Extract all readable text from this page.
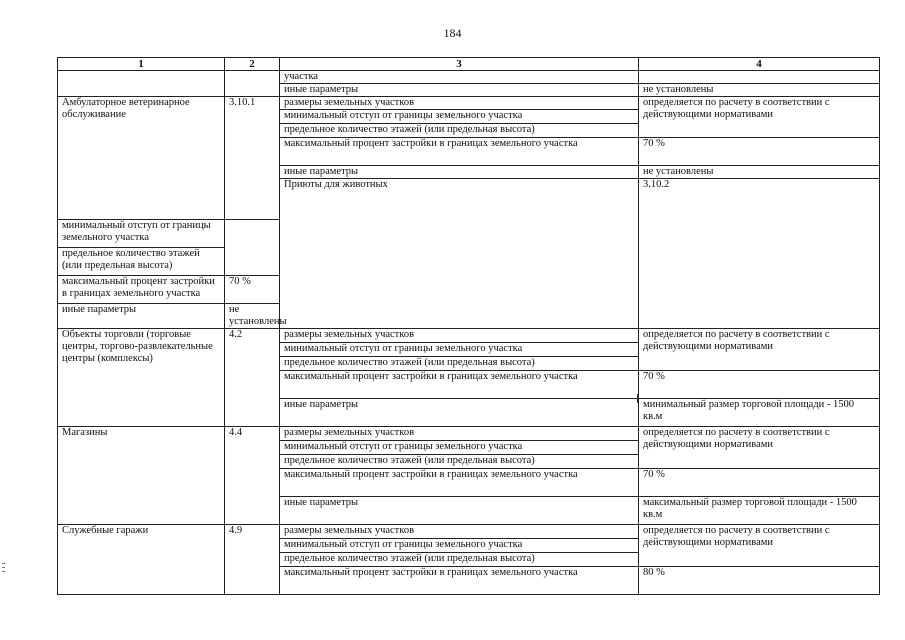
184
1	2	3	4	
		участка		
		иные параметры	не установлены	
Амбулаторное ветеринарное обслуживание	3.10.1	размеры земельных участков	определяется по расчету в соответствии с действующими нормативами	
		минимальный отступ от границы земельного участка		
		предельное количество этажей (или предельная высота)		
		максимальный процент застройки в границах земельного участка	70 %	
		иные параметры	не установлены	
		Приюты для животных	3.10.2		
минимальный отступ от границы земельного участка				
предельное количество этажей (или предельная высота)				
максимальный процент застройки в границах земельного участка	70 %			
иные параметры	не установлены			
Объекты торговли (торговые центры, торгово-развлекательные центры (комплексы)	4.2	размеры земельных участков	определяется по расчету в соответствии с действующими нормативами	
		минимальный отступ от границы земельного участка		
		предельное количество этажей (или предельная высота)		
		максимальный процент застройки в границах земельного участка	70 %	
		иные параметры	минимальный размер торговой площади - 1500 кв.м	
Магазины	4.4	размеры земельных участков	определяется по расчету в соответствии с действующими нормативами	
		минимальный отступ от границы земельного участка		
		предельное количество этажей (или предельная высота)		
		максимальный процент застройки в границах земельного участка	70 %	
		иные параметры	максимальный размер торговой площади - 1500 кв.м	
Служебные гаражи	4.9	размеры земельных участков	определяется по расчету в соответствии с действующими нормативами	
		минимальный отступ от границы земельного участка		
		предельное количество этажей (или предельная высота)		
		максимальный процент застройки в границах земельного участка	80 %	
